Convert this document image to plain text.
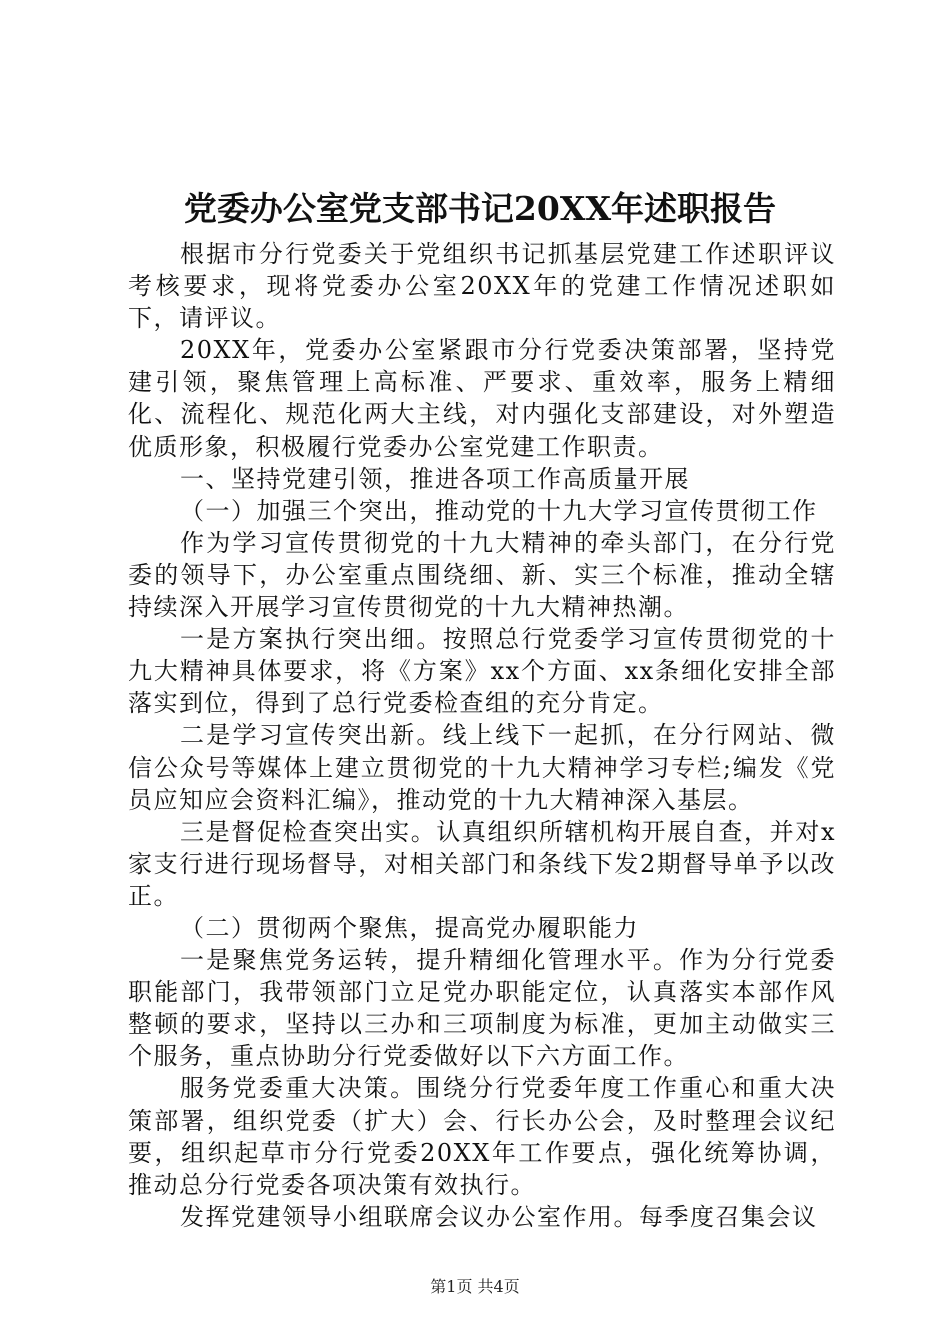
党委办公室党支部书记20XX年述职报告

根据市分行党委关于党组织书记抓基层党建工作述职评议考核要求，现将党委办公室20XX年的党建工作情况述职如下，请评议。

20XX年，党委办公室紧跟市分行党委决策部署，坚持党建引领，聚焦管理上高标准、严要求、重效率，服务上精细化、流程化、规范化两大主线，对内强化支部建设，对外塑造优质形象，积极履行党委办公室党建工作职责。

一、坚持党建引领，推进各项工作高质量开展

（一）加强三个突出，推动党的十九大学习宣传贯彻工作

作为学习宣传贯彻党的十九大精神的牵头部门，在分行党委的领导下，办公室重点围绕细、新、实三个标准，推动全辖持续深入开展学习宣传贯彻党的十九大精神热潮。

一是方案执行突出细。按照总行党委学习宣传贯彻党的十九大精神具体要求，将《方案》xx个方面、xx条细化安排全部落实到位，得到了总行党委检查组的充分肯定。

二是学习宣传突出新。线上线下一起抓，在分行网站、微信公众号等媒体上建立贯彻党的十九大精神学习专栏;编发《党员应知应会资料汇编》，推动党的十九大精神深入基层。

三是督促检查突出实。认真组织所辖机构开展自查，并对x家支行进行现场督导，对相关部门和条线下发2期督导单予以改正。

（二）贯彻两个聚焦，提高党办履职能力

一是聚焦党务运转，提升精细化管理水平。作为分行党委职能部门，我带领部门立足党办职能定位，认真落实本部作风整顿的要求，坚持以三办和三项制度为标准，更加主动做实三个服务，重点协助分行党委做好以下六方面工作。

服务党委重大决策。围绕分行党委年度工作重心和重大决策部署，组织党委（扩大）会、行长办公会，及时整理会议纪要，组织起草市分行党委20XX年工作要点，强化统筹协调，推动总分行党委各项决策有效执行。

发挥党建领导小组联席会议办公室作用。每季度召集会议

第1页 共4页
